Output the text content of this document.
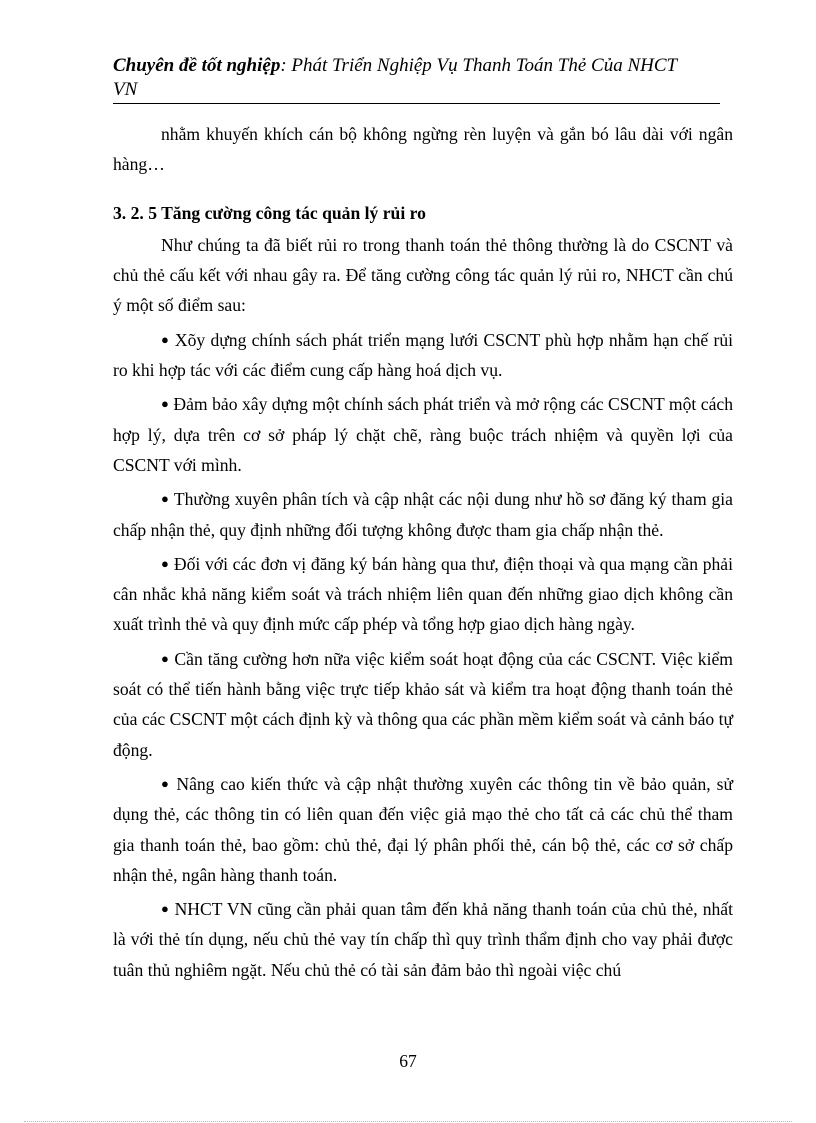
Chuyên đề tốt nghiệp: Phát Triển Nghiệp Vụ Thanh Toán Thẻ Của NHCT
VN

nhằm khuyến khích cán bộ không ngừng rèn luyện và gắn bó lâu dài với ngân hàng…

3. 2. 5 Tăng cường công tác quản lý rủi ro

Như chúng ta đã biết rủi ro trong thanh toán thẻ thông thường là do CSCNT và chủ thẻ cấu kết với nhau gây ra. Để tăng cường công tác quản lý rủi ro, NHCT cần chú ý một số điểm sau:

● Xõy dựng chính sách phát triển mạng lưới CSCNT phù hợp nhằm hạn chế rủi ro khi hợp tác với các điểm cung cấp hàng hoá dịch vụ.

● Đảm bảo xây dựng một chính sách phát triển và mở rộng các CSCNT một cách hợp lý, dựa trên cơ sở pháp lý chặt chẽ, ràng buộc trách nhiệm và quyền lợi của CSCNT với mình.

● Thường xuyên phân tích và cập nhật các nội dung như hồ sơ đăng ký tham gia chấp nhận thẻ, quy định những đối tượng không được tham gia chấp nhận thẻ.

● Đối với các đơn vị đăng ký bán hàng qua thư, điện thoại và qua mạng cần phải cân nhắc khả năng kiểm soát và trách nhiệm liên quan đến những giao dịch không cần xuất trình thẻ và quy định mức cấp phép và tổng hợp giao dịch hàng ngày.

● Cần tăng cường hơn nữa việc kiểm soát hoạt động của các CSCNT. Việc kiểm soát có thể tiến hành bằng việc trực tiếp khảo sát và kiểm tra hoạt động thanh toán thẻ của các CSCNT một cách định kỳ và thông qua các phần mềm kiểm soát và cảnh báo tự động.

● Nâng cao kiến thức và cập nhật thường xuyên các thông tin về bảo quản, sử dụng thẻ, các thông tin có liên quan đến việc giả mạo thẻ cho tất cả các chủ thể tham gia thanh toán thẻ, bao gồm: chủ thẻ, đại lý phân phối thẻ, cán bộ thẻ, các cơ sở chấp nhận thẻ, ngân hàng thanh toán.

● NHCT VN cũng cần phải quan tâm đến khả năng thanh toán của chủ thẻ, nhất là với thẻ tín dụng, nếu chủ thẻ vay tín chấp thì quy trình thẩm định cho vay phải được tuân thủ nghiêm ngặt. Nếu chủ thẻ có tài sản đảm bảo thì ngoài việc chú

67
